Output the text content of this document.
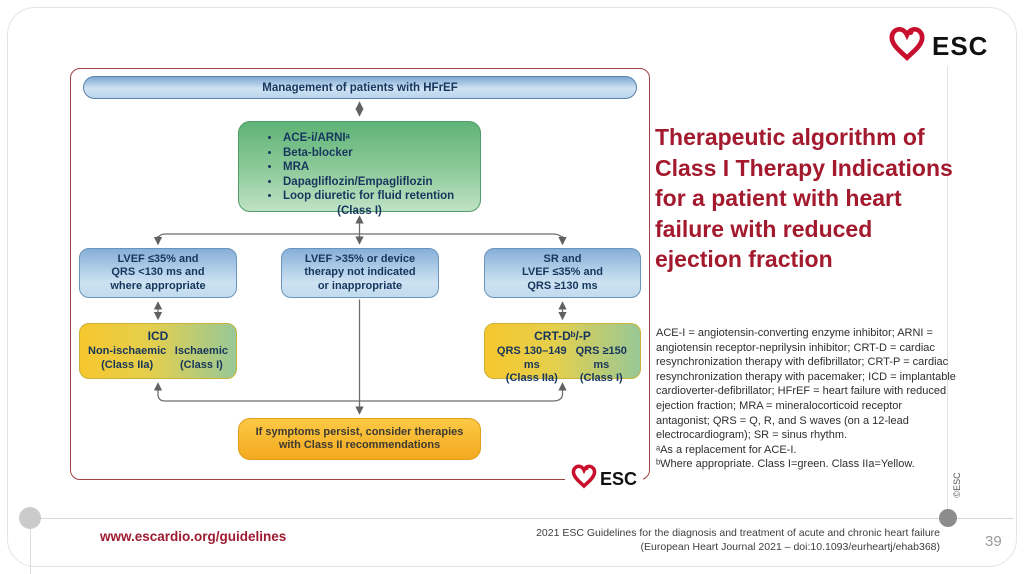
ESC
Management of patients with HFrEF
• ACE-i/ARNIᵃ
• Beta-blocker
• MRA
• Dapagliflozin/Empagliflozin
• Loop diuretic for fluid retention
(Class I)
LVEF ≤35% and
QRS <130 ms and
where appropriate
LVEF >35% or device
therapy not indicated
or inappropriate
SR and
LVEF ≤35% and
QRS ≥130 ms
ICD
Non-ischaemic
(Class IIa)
Ischaemic
(Class I)
CRT-Dᵇ/-P
QRS 130–149 ms
(Class IIa)
QRS ≥150 ms
(Class I)
If symptoms persist, consider therapies
with Class II recommendations
ESC
Therapeutic algorithm of Class I Therapy Indications for a patient with heart failure with reduced ejection fraction
ACE-I = angiotensin-converting enzyme inhibitor; ARNI = angiotensin receptor-neprilysin inhibitor; CRT-D = cardiac resynchronization therapy with defibrillator; CRT-P = cardiac resynchronization therapy with pacemaker; ICD = implantable cardioverter-defibrillator; HFrEF = heart failure with reduced ejection fraction; MRA = mineralocorticoid receptor antagonist; QRS = Q, R, and S waves (on a 12-lead electrocardiogram); SR = sinus rhythm.
ᵃAs a replacement for ACE-I.
ᵇWhere appropriate. Class I=green. Class IIa=Yellow.
©ESC
www.escardio.org/guidelines	2021 ESC Guidelines for the diagnosis and treatment of acute and chronic heart failure
(European Heart Journal 2021 – doi:10.1093/eurheartj/ehab368)	39
